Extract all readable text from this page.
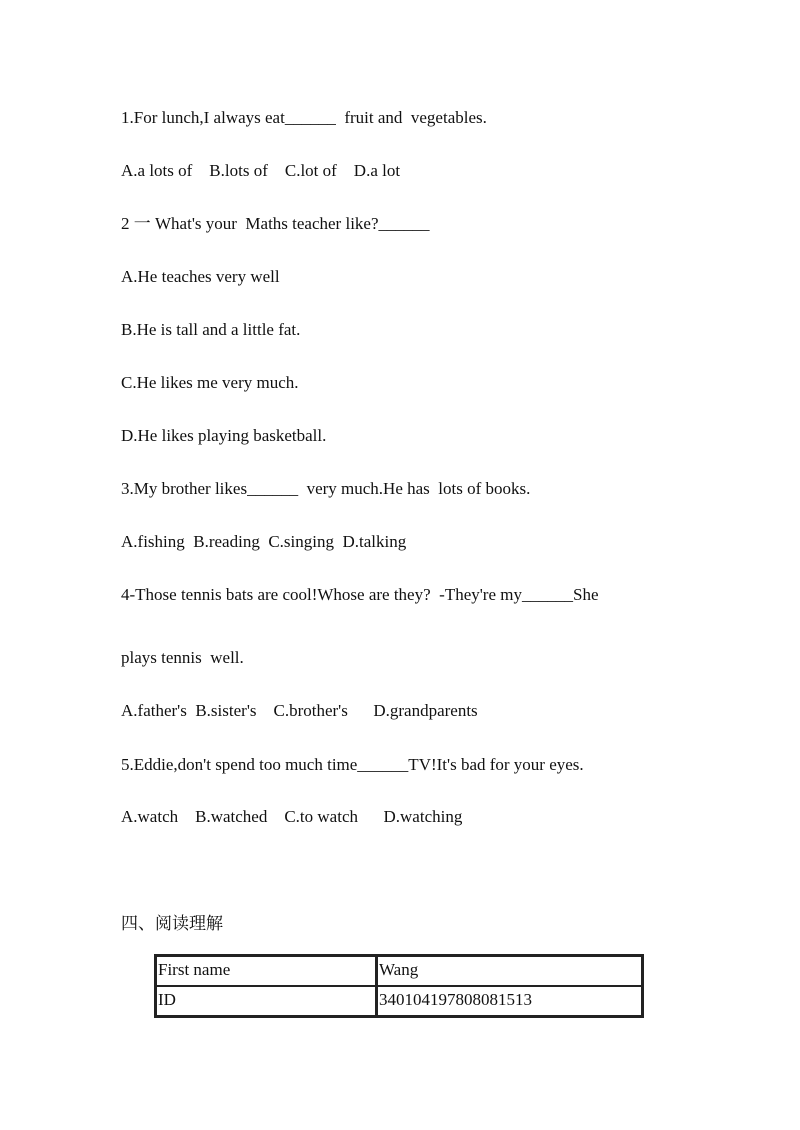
1.For lunch,I always eat______  fruit and  vegetables.
A.a lots of    B.lots of    C.lot of    D.a lot
2 一 What's your  Maths teacher like?______
A.He teaches very well
B.He is tall and a little fat.
C.He likes me very much.
D.He likes playing basketball.
3.My brother likes______  very much.He has  lots of books.
A.fishing  B.reading  C.singing  D.talking
4-Those tennis bats are cool!Whose are they?  -They're my______She
plays tennis  well.
A.father's  B.sister's    C.brother's      D.grandparents
5.Eddie,don't spend too much time______TV!It's bad for your eyes.
A.watch    B.watched    C.to watch      D.watching
四、阅读理解
First name	Wang
ID	340104197808081513
